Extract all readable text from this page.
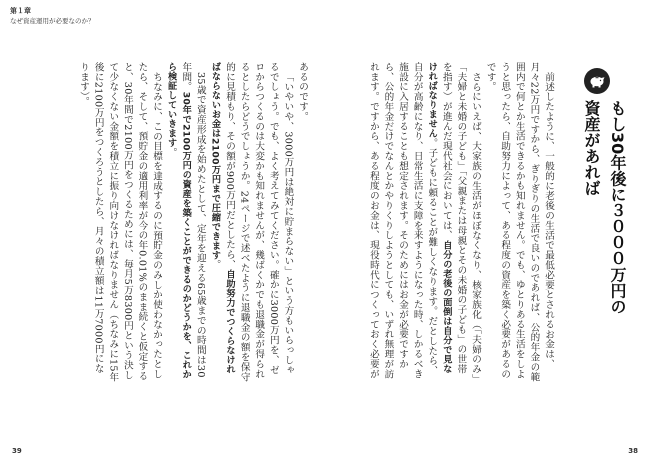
第１章
なぜ資産運用が必要なのか？

あるのです。

「いやいや、3000万円は絶対に貯まらない」という方もいらっしゃるでしょう。でも、よく考えてみてください。確かに3000万円を、ゼロからつくるのは大変かも知れませんが、幾ばくかでも退職金が得られるとしたらどうでしょうか。24ページで述べたように退職金の額を保守的に見積もり、その額が900万円だとしたら、自助努力でつくらなければならないお金は2100万円まで圧縮できます。

35歳で資産形成を始めたとして、定年を迎える65歳までの時間は30年間。30年で2100万円の資産を築くことができるのかどうかを、これから検証していきます。

ちなみに、この目標を達成するのに預貯金のみしか使わなかったとしたら、そして、預貯金の適用利率が今の年0.01%のまま続くと仮定すると、30年間で2100万円をつくるためには、毎月5万8300円という決して少なくない金額を積立に振り向けなければなりません（ちなみに15年後に2100万円をつくろうとしたら、月々の積立額は11万7000円になります）。

39
もし30年後に３０００万円の
資産があれば

前述したように、一般的に老後の生活で最低必要とされるお金は、月々22万円ですから、ぎりぎりの生活で良いのであれば、公的年金の範囲内で何とか生活できるかも知れません。でも、ゆとりある生活をしようと思ったら、自助努力によって、ある程度の資産を築く必要があるのです。

さらにいえば、大家族の生活がほぼなくなり、核家族化（「夫婦のみ」「夫婦と未婚の子ども」「父親または母親とその未婚の子ども」の世帯を指す）が進んだ現代社会においては、自分の老後の面倒は自分で見なければなりません。子どもに頼ることが難しくなります。だとしたら、自分が高齢になり、日常生活に支障を来すようになった時、しかるべき施設に入居することも想定されます。そのためにはお金が必要ですから、公的年金だけでなんとかやりくりしようとしても、いずれ無理が訪れます。ですから、ある程度のお金は、現役時代につくっておく必要が

38
